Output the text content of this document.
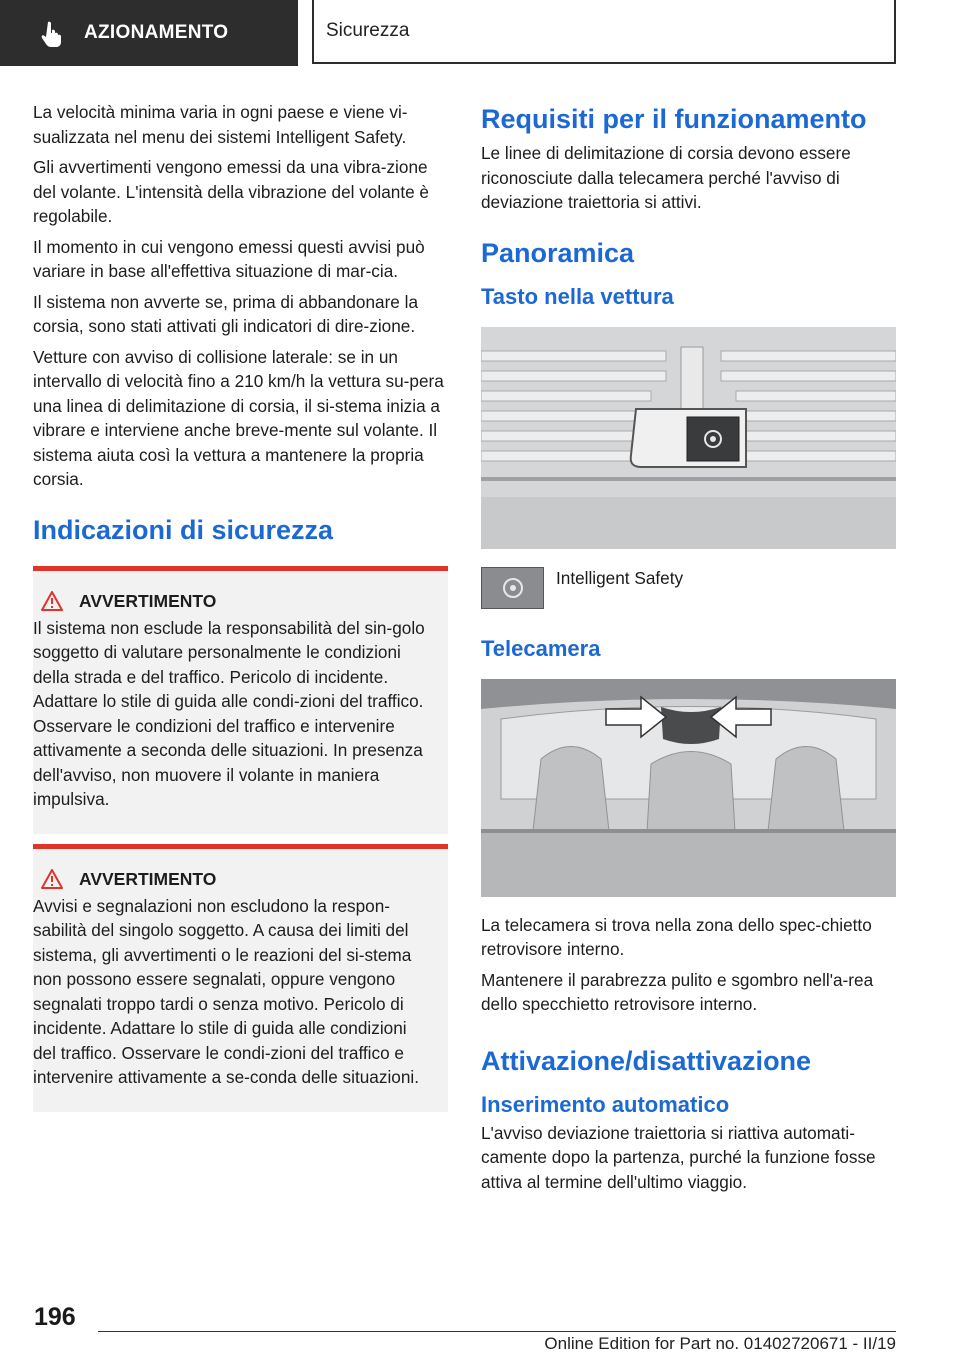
AZIONAMENTO	Sicurezza

La velocità minima varia in ogni paese e viene vi-sualizzata nel menu dei sistemi Intelligent Safety.

Gli avvertimenti vengono emessi da una vibra-zione del volante. L'intensità della vibrazione del volante è regolabile.

Il momento in cui vengono emessi questi avvisi può variare in base all'effettiva situazione di mar-cia.

Il sistema non avverte se, prima di abbandonare la corsia, sono stati attivati gli indicatori di dire-zione.

Vetture con avviso di collisione laterale: se in un intervallo di velocità fino a 210 km/h la vettura su-pera una linea di delimitazione di corsia, il si-stema inizia a vibrare e interviene anche breve-mente sul volante. Il sistema aiuta così la vettura a mantenere la propria corsia.

Indicazioni di sicurezza
AVVERTIMENTO

Il sistema non esclude la responsabilità del sin-golo soggetto di valutare personalmente le condizioni della strada e del traffico. Pericolo di incidente. Adattare lo stile di guida alle condi-zioni del traffico. Osservare le condizioni del traffico e intervenire attivamente a seconda delle situazioni. In presenza dell'avviso, non muovere il volante in maniera impulsiva.

AVVERTIMENTO

Avvisi e segnalazioni non escludono la respon-sabilità del singolo soggetto. A causa dei limiti del sistema, gli avvertimenti o le reazioni del si-stema non possono essere segnalati, oppure vengono segnalati troppo tardi o senza motivo. Pericolo di incidente. Adattare lo stile di guida alle condizioni del traffico. Osservare le condi-zioni del traffico e intervenire attivamente a se-conda delle situazioni.

Requisiti per il funzionamento

Le linee di delimitazione di corsia devono essere riconosciute dalla telecamera perché l'avviso di deviazione traiettoria si attivi.

Panoramica
Tasto nella vettura
Intelligent Safety
Telecamera

La telecamera si trova nella zona dello spec-chietto retrovisore interno.

Mantenere il parabrezza pulito e sgombro nell'a-rea dello specchietto retrovisore interno.

Attivazione/disattivazione
Inserimento automatico

L'avviso deviazione traiettoria si riattiva automati-camente dopo la partenza, purché la funzione fosse attiva al termine dell'ultimo viaggio.

196
Online Edition for Part no. 01402720671 - II/19
